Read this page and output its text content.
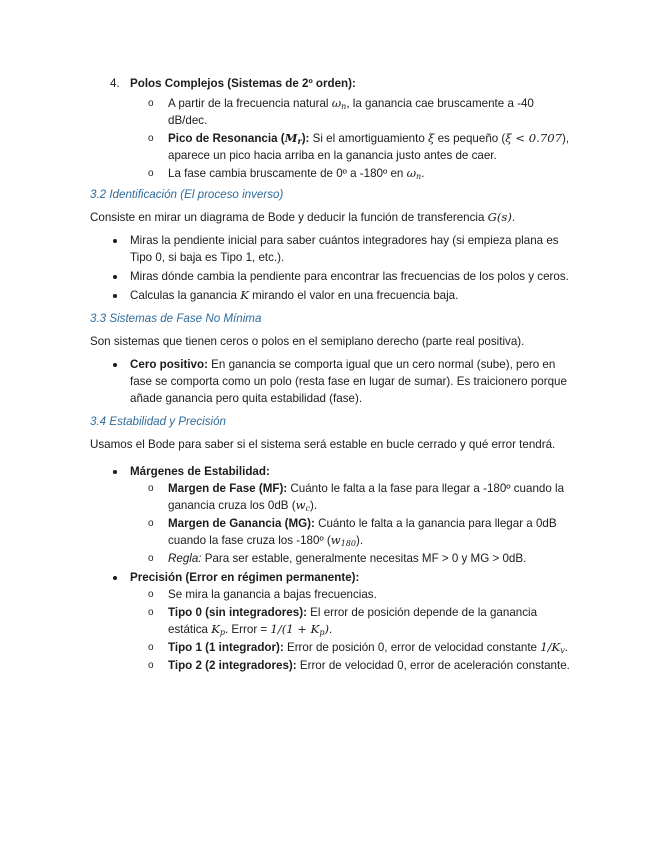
4. Polos Complejos (Sistemas de 2º orden):
o A partir de la frecuencia natural $\omega_n$, la ganancia cae bruscamente a -40 dB/dec.
o Pico de Resonancia $(M_r)$: Si el amortiguamiento ξ es pequeño (ξ < 0.707), aparece un pico hacia arriba en la ganancia justo antes de caer.
o La fase cambia bruscamente de 0º a -180º en $\omega_n$.
3.2 Identificación (El proceso inverso)

Consiste en mirar un diagrama de Bode y deducir la función de transferencia G(s).

Miras la pendiente inicial para saber cuántos integradores hay (si empieza plana es Tipo 0, si baja es Tipo 1, etc.).
Miras dónde cambia la pendiente para encontrar las frecuencias de los polos y ceros.
Calculas la ganancia K mirando el valor en una frecuencia baja.
3.3 Sistemas de Fase No Mínima

Son sistemas que tienen ceros o polos en el semiplano derecho (parte real positiva).

Cero positivo: En ganancia se comporta igual que un cero normal (sube), pero en fase se comporta como un polo (resta fase en lugar de sumar). Es traicionero porque añade ganancia pero quita estabilidad (fase).
3.4 Estabilidad y Precisión

Usamos el Bode para saber si el sistema será estable en bucle cerrado y qué error tendrá.

Márgenes de Estabilidad:
o Margen de Fase (MF): Cuánto le falta a la fase para llegar a -180º cuando la ganancia cruza los 0dB $(w_c)$.
o Margen de Ganancia (MG): Cuánto le falta a la ganancia para llegar a 0dB cuando la fase cruza los -180º $(w_{180})$.
o Regla: Para ser estable, generalmente necesitas MF > 0 y MG > 0dB.
Precisión (Error en régimen permanente):
o Se mira la ganancia a bajas frecuencias.
o Tipo 0 (sin integradores): El error de posición depende de la ganancia estática $K_p$. Error = $1/(1 + K_p)$.
o Tipo 1 (1 integrador): Error de posición 0, error de velocidad constante $1/K_v$.
o Tipo 2 (2 integradores): Error de velocidad 0, error de aceleración constante.
